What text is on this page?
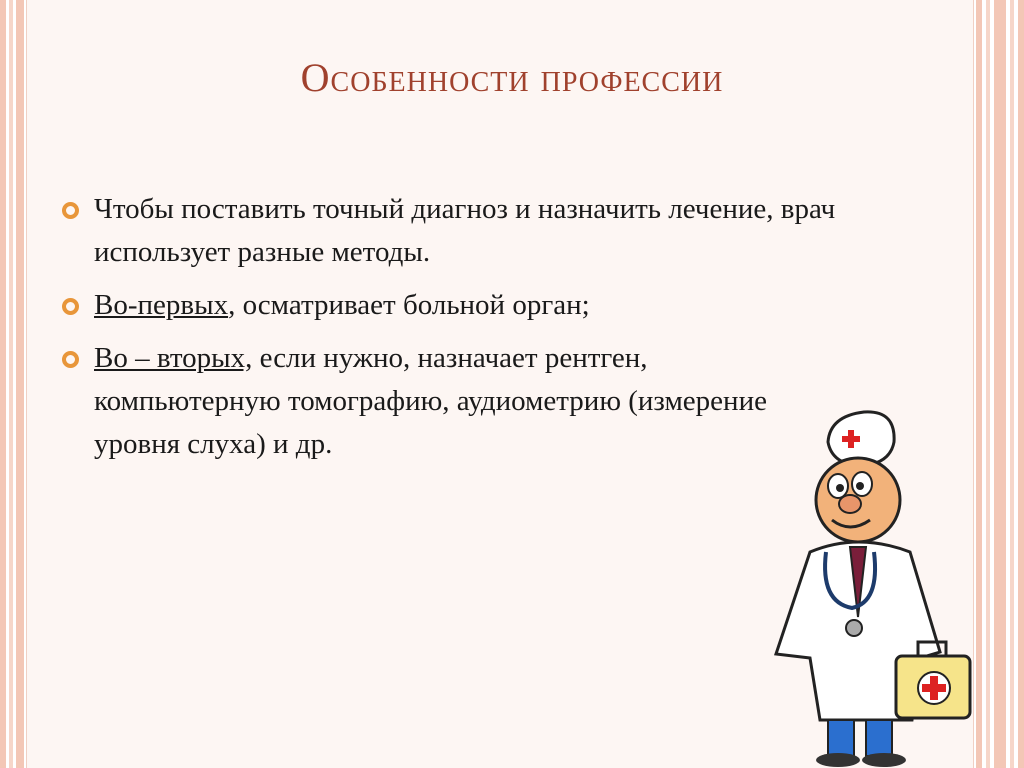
Особенности профессии
Чтобы поставить точный диагноз и назначить лечение, врач использует разные методы.
Во-первых, осматривает больной орган;
Во – вторых, если нужно, назначает рентген, компьютерную томографию, аудиометрию (измерение уровня слуха) и др.
